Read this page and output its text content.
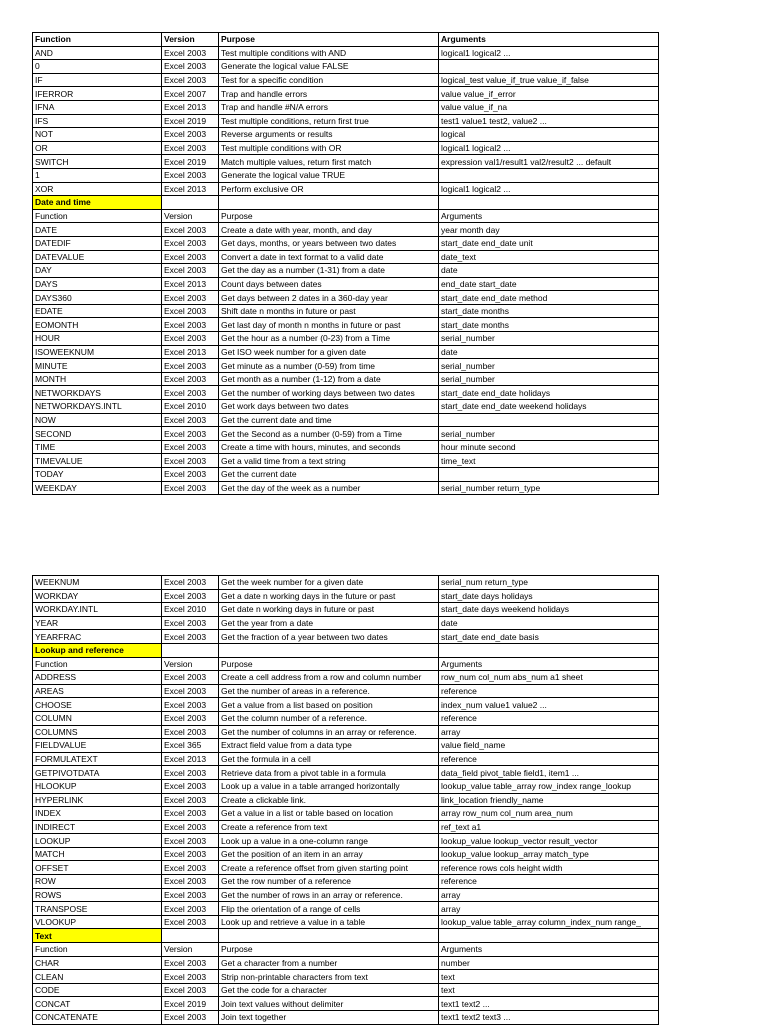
Function	Version	Purpose	Arguments
AND	Excel 2003	Test multiple conditions with AND	logical1 logical2 ...
0	Excel 2003	Generate the logical value FALSE	
IF	Excel 2003	Test for a specific condition	logical_test value_if_true value_if_false
IFERROR	Excel 2007	Trap and handle errors	value value_if_error
IFNA	Excel 2013	Trap and handle #N/A errors	value value_if_na
IFS	Excel 2019	Test multiple conditions, return first true	test1 value1 test2, value2 ...
NOT	Excel 2003	Reverse arguments or results	logical
OR	Excel 2003	Test multiple conditions with OR	logical1 logical2 ...
SWITCH	Excel 2019	Match multiple values, return first match	expression val1/result1 val2/result2 ... default
1	Excel 2003	Generate the logical value TRUE	
XOR	Excel 2013	Perform exclusive OR	logical1 logical2 ...
Date and time			
Function	Version	Purpose	Arguments
DATE	Excel 2003	Create a date with year, month, and day	year month day
DATEDIF	Excel 2003	Get days, months, or years between two dates	start_date end_date unit
DATEVALUE	Excel 2003	Convert a date in text format to a valid date	date_text
DAY	Excel 2003	Get the day as a number (1-31) from a date	date
DAYS	Excel 2013	Count days between dates	end_date start_date
DAYS360	Excel 2003	Get days between 2 dates in a 360-day year	start_date end_date method
EDATE	Excel 2003	Shift date n months in future or past	start_date months
EOMONTH	Excel 2003	Get last day of month n months in future or past	start_date months
HOUR	Excel 2003	Get the hour as a number (0-23) from a Time	serial_number
ISOWEEKNUM	Excel 2013	Get ISO week number for a given date	date
MINUTE	Excel 2003	Get minute as a number (0-59) from time	serial_number
MONTH	Excel 2003	Get month as a number (1-12) from a date	serial_number
NETWORKDAYS	Excel 2003	Get the number of working days between two dates	start_date end_date holidays
NETWORKDAYS.INTL	Excel 2010	Get work days between two dates	start_date end_date weekend holidays
NOW	Excel 2003	Get the current date and time	
SECOND	Excel 2003	Get the Second as a number (0-59) from a Time	serial_number
TIME	Excel 2003	Create a time with hours, minutes, and seconds	hour minute second
TIMEVALUE	Excel 2003	Get a valid time from a text string	time_text
TODAY	Excel 2003	Get the current date	
WEEKDAY	Excel 2003	Get the day of the week as a number	serial_number return_type
WEEKNUM	Excel 2003	Get the week number for a given date	serial_num return_type
WORKDAY	Excel 2003	Get a date n working days in the future or past	start_date days holidays
WORKDAY.INTL	Excel 2010	Get date n working days in future or past	start_date days weekend holidays
YEAR	Excel 2003	Get the year from a date	date
YEARFRAC	Excel 2003	Get the fraction of a year between two dates	start_date end_date basis
Lookup and reference			
Function	Version	Purpose	Arguments
ADDRESS	Excel 2003	Create a cell address from a row and column number	row_num col_num abs_num a1 sheet
AREAS	Excel 2003	Get the number of areas in a reference.	reference
CHOOSE	Excel 2003	Get a value from a list based on position	index_num value1 value2 ...
COLUMN	Excel 2003	Get the column number of a reference.	reference
COLUMNS	Excel 2003	Get the number of columns in an array or reference.	array
FIELDVALUE	Excel 365	Extract field value from a data type	value field_name
FORMULATEXT	Excel 2013	Get the formula in a cell	reference
GETPIVOTDATA	Excel 2003	Retrieve data from a pivot table in a formula	data_field pivot_table field1, item1 ...
HLOOKUP	Excel 2003	Look up a value in a table arranged horizontally	lookup_value table_array row_index range_lookup
HYPERLINK	Excel 2003	Create a clickable link.	link_location friendly_name
INDEX	Excel 2003	Get a value in a list or table based on location	array row_num col_num area_num
INDIRECT	Excel 2003	Create a reference from text	ref_text a1
LOOKUP	Excel 2003	Look up a value in a one-column range	lookup_value lookup_vector result_vector
MATCH	Excel 2003	Get the position of an item in an array	lookup_value lookup_array match_type
OFFSET	Excel 2003	Create a reference offset from given starting point	reference rows cols height width
ROW	Excel 2003	Get the row number of a reference	reference
ROWS	Excel 2003	Get the number of rows in an array or reference.	array
TRANSPOSE	Excel 2003	Flip the orientation of a range of cells	array
VLOOKUP	Excel 2003	Look up and retrieve a value in a table	lookup_value table_array column_index_num range_
Text			
Function	Version	Purpose	Arguments
CHAR	Excel 2003	Get a character from a number	number
CLEAN	Excel 2003	Strip non-printable characters from text	text
CODE	Excel 2003	Get the code for a character	text
CONCAT	Excel 2019	Join text values without delimiter	text1 text2 ...
CONCATENATE	Excel 2003	Join text together	text1 text2 text3 ...
